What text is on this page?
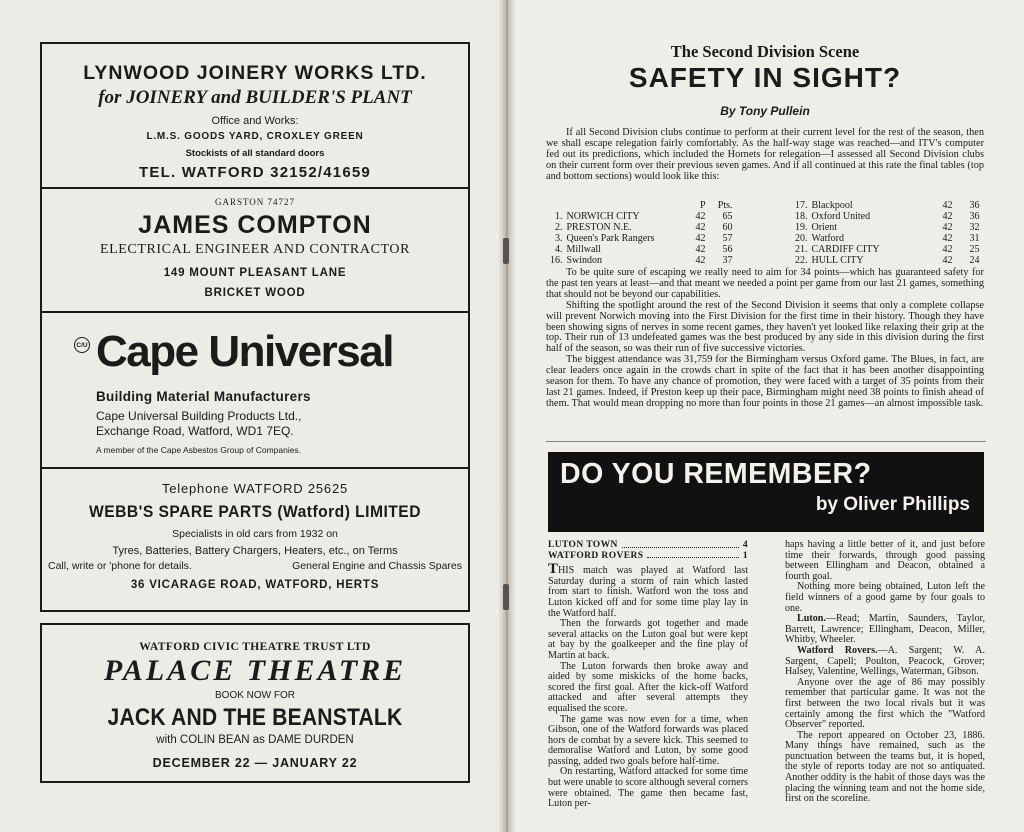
LYNWOOD JOINERY WORKS LTD.
for JOINERY and BUILDER'S PLANT
Office and Works:
L.M.S. GOODS YARD, CROXLEY GREEN
Stockists of all standard doors
TEL. WATFORD 32152/41659
GARSTON 74727
JAMES COMPTON
ELECTRICAL ENGINEER AND CONTRACTOR
149 MOUNT PLEASANT LANE
BRICKET WOOD
C/U Cape Universal
Building Material Manufacturers
Cape Universal Building Products Ltd.,
Exchange Road, Watford, WD1 7EQ.
A member of the Cape Asbestos Group of Companies.
Telephone WATFORD 25625
WEBB'S SPARE PARTS (Watford) LIMITED
Specialists in old cars from 1932 on
Tyres, Batteries, Battery Chargers, Heaters, etc., on Terms
Call, write or 'phone for details.	General Engine and Chassis Spares
36 VICARAGE ROAD, WATFORD, HERTS
WATFORD CIVIC THEATRE TRUST LTD
PALACE THEATRE
BOOK NOW FOR
JACK AND THE BEANSTALK
with COLIN BEAN as DAME DURDEN
DECEMBER 22 — JANUARY 22
The Second Division Scene
SAFETY IN SIGHT?
By Tony Pullein

If all Second Division clubs continue to perform at their current level for the rest of the season, then we shall escape relegation fairly comfortably. As the half-way stage was reached—and ITV's computer fed out its predictions, which included the Hornets for relegation—I assessed all Second Division clubs on their current form over their previous seven games. And if all continued at this rate the final tables (top and bottom sections) would look like this:

		P	Pts.
1.	NORWICH CITY	42	65
2.	PRESTON N.E.	42	60
3.	Queen's Park Rangers	42	57
4.	Millwall	42	56
16.	Swindon	42	37
17.	Blackpool	42	36
18.	Oxford United	42	36
19.	Orient	42	32
20.	Watford	42	31
21.	CARDIFF CITY	42	25
22.	HULL CITY	42	24

To be quite sure of escaping we really need to aim for 34 points—which has guaranteed safety for the past ten years at least—and that meant we needed a point per game from our last 21 games, something that should not be beyond our capabilities.

Shifting the spotlight around the rest of the Second Division it seems that only a complete collapse will prevent Norwich moving into the First Division for the first time in their history. Though they have been showing signs of nerves in some recent games, they haven't yet looked like relaxing their grip at the top. Their run of 13 undefeated games was the best produced by any side in this division during the first half of the season, so was their run of five successive victories.

The biggest attendance was 31,759 for the Birmingham versus Oxford game. The Blues, in fact, are clear leaders once again in the crowds chart in spite of the fact that it has been another disappointing season for them. To have any chance of promotion, they were faced with a target of 35 points from their last 21 games. Indeed, if Preston keep up their pace, Birmingham might need 38 points to finish ahead of them. That would mean dropping no more than four points in those 21 games—an almost impossible task.

DO YOU REMEMBER?
by Oliver Phillips
LUTON TOWN	4
WATFORD ROVERS	1

THIS match was played at Watford last Saturday during a storm of rain which lasted from start to finish. Watford won the toss and Luton kicked off and for some time play lay in the Watford half.

Then the forwards got together and made several attacks on the Luton goal but were kept at bay by the goalkeeper and the fine play of Martin at back.

The Luton forwards then broke away and aided by some miskicks of the home backs, scored the first goal. After the kick-off Watford attacked and after several attempts they equalised the score.

The game was now even for a time, when Gibson, one of the Watford forwards was placed hors de combat by a severe kick. This seemed to demoralise Watford and Luton, by some good passing, added two goals before half-time.

On restarting, Watford attacked for some time but were unable to score although several corners were obtained. The game then became fast, Luton per-

haps having a little better of it, and just before time their forwards, through good passing between Ellingham and Deacon, obtained a fourth goal.

Nothing more being obtained, Luton left the field winners of a good game by four goals to one.

Luton.—Read; Martin, Saunders, Taylor, Barrett, Lawrence; Ellingham, Deacon, Miller, Whitby, Wheeler.

Watford Rovers.—A. Sargent; W. A. Sargent, Capell; Poulton, Peacock, Grover; Halsey, Valentine, Wellings, Waterman, Gibson.

Anyone over the age of 86 may possibly remember that particular game. It was not the first between the two local rivals but it was certainly among the first which the "Watford Observer" reported.

The report appeared on October 23, 1886. Many things have remained, such as the punctuation between the teams but, it is hoped, the style of reports today are not so antiquated. Another oddity is the habit of those days was the placing the winning team and not the home side, first on the scoreline.
